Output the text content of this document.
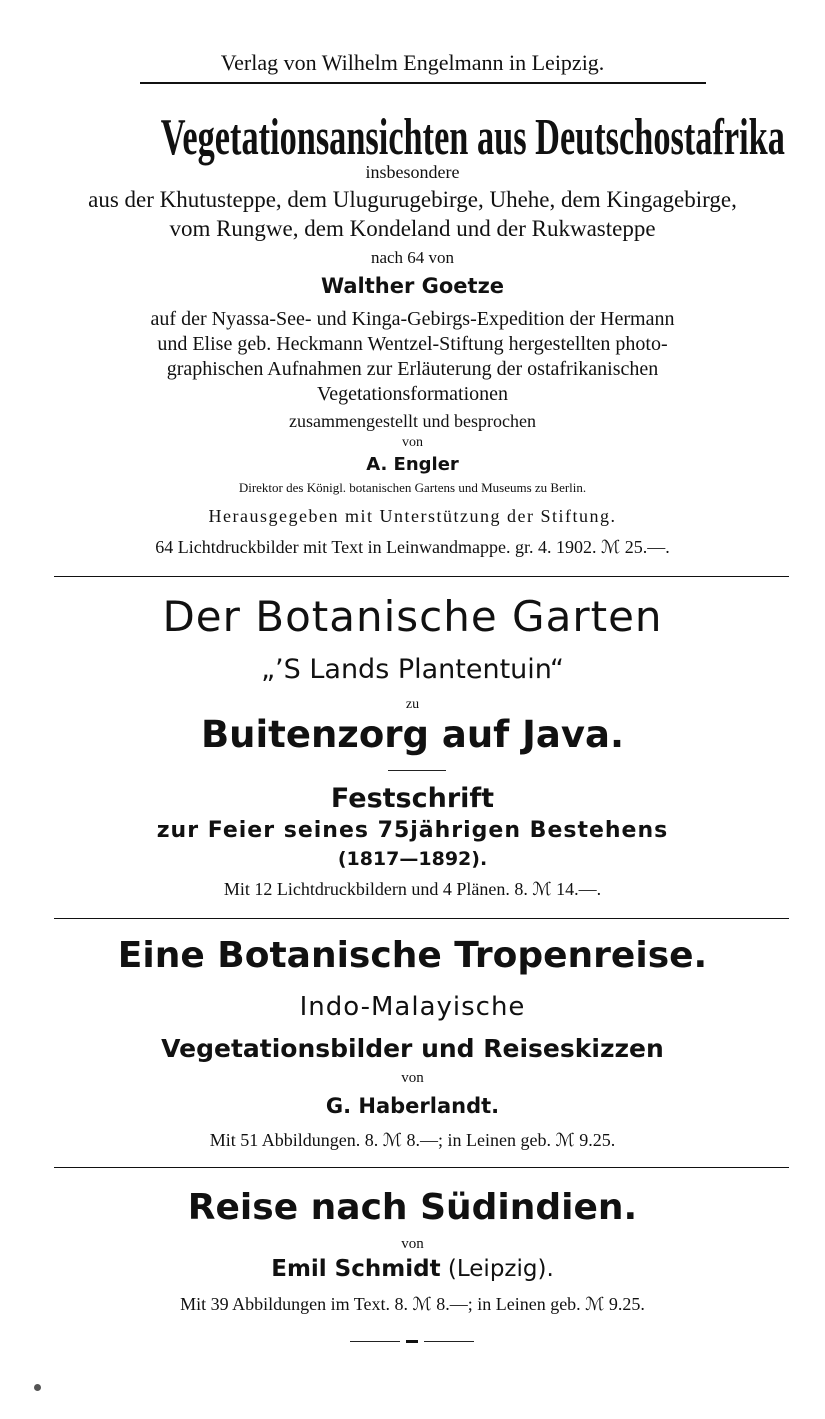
Verlag von Wilhelm Engelmann in Leipzig.
Vegetationsansichten aus Deutschostafrika
insbesondere
aus der Khutusteppe, dem Ulugurugebirge, Uhehe, dem Kingagebirge,
vom Rungwe, dem Kondeland und der Rukwasteppe
nach 64 von
Walther Goetze
auf der Nyassa-See- und Kinga-Gebirgs-Expedition der Hermann
und Elise geb. Heckmann Wentzel-Stiftung hergestellten photo-
graphischen Aufnahmen zur Erläuterung der ostafrikanischen
Vegetationsformationen
zusammengestellt und besprochen
von
A. Engler
Direktor des Königl. botanischen Gartens und Museums zu Berlin.
Herausgegeben mit Unterstützung der Stiftung.
64 Lichtdruckbilder mit Text in Leinwandmappe. gr. 4. 1902. ℳ 25.—.
Der Botanische Garten
„’S Lands Plantentuin“
zu
Buitenzorg auf Java.
Festschrift
zur Feier seines 75jährigen Bestehens
(1817—1892).
Mit 12 Lichtdruckbildern und 4 Plänen. 8. ℳ 14.—.
Eine Botanische Tropenreise.
Indo-Malayische
Vegetationsbilder und Reiseskizzen
von
G. Haberlandt.
Mit 51 Abbildungen. 8. ℳ 8.—; in Leinen geb. ℳ 9.25.
Reise nach Südindien.
von
Emil Schmidt (Leipzig).
Mit 39 Abbildungen im Text. 8. ℳ 8.—; in Leinen geb. ℳ 9.25.
